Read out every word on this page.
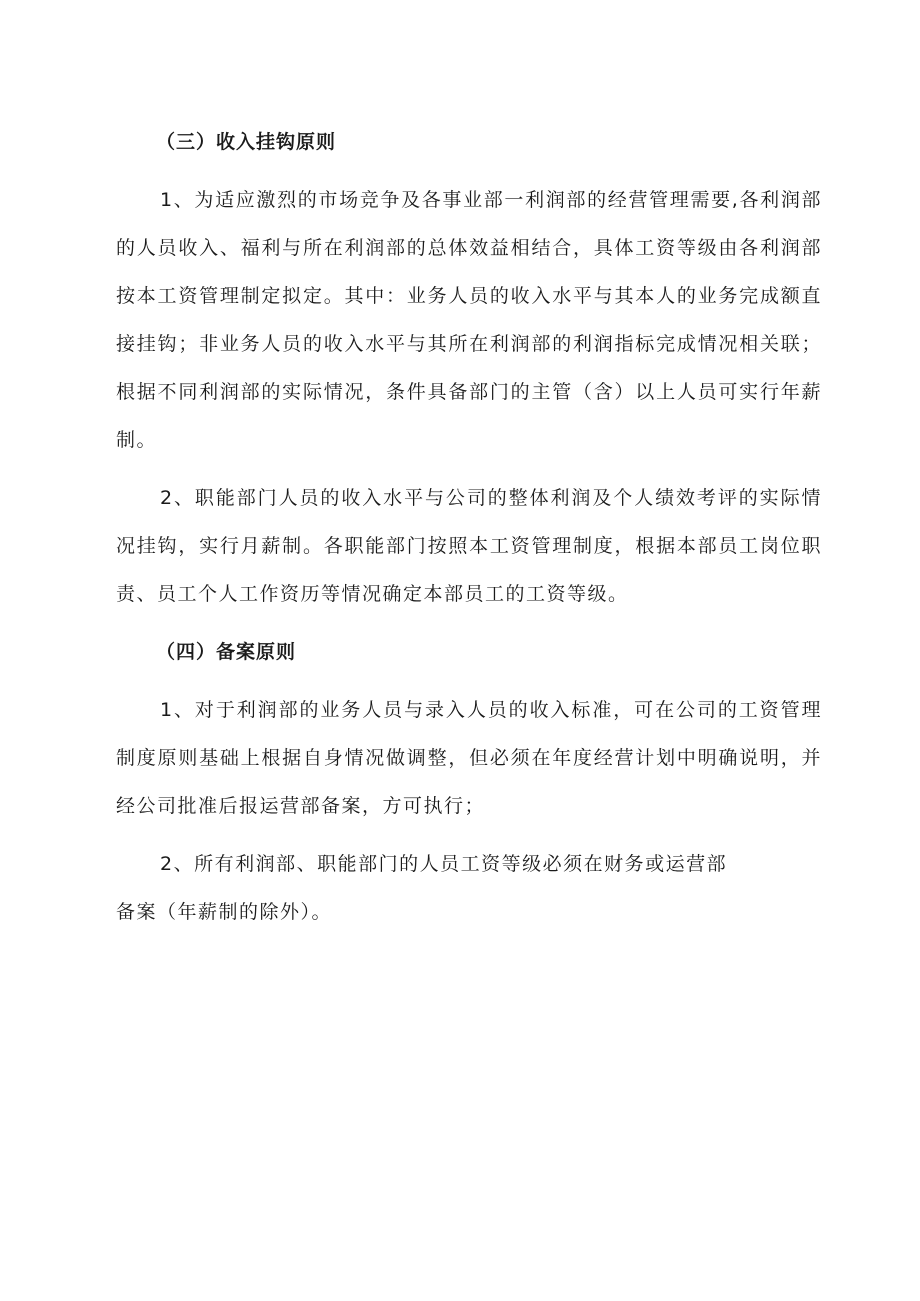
（三）收入挂钩原则

1、为适应激烈的市场竞争及各事业部一利润部的经营管理需要,各利润部的人员收入、福利与所在利润部的总体效益相结合，具体工资等级由各利润部按本工资管理制定拟定。其中：业务人员的收入水平与其本人的业务完成额直接挂钩；非业务人员的收入水平与其所在利润部的利润指标完成情况相关联；根据不同利润部的实际情况，条件具备部门的主管（含）以上人员可实行年薪制。

2、职能部门人员的收入水平与公司的整体利润及个人绩效考评的实际情况挂钩，实行月薪制。各职能部门按照本工资管理制度，根据本部员工岗位职责、员工个人工作资历等情况确定本部员工的工资等级。

（四）备案原则

1、对于利润部的业务人员与录入人员的收入标准，可在公司的工资管理制度原则基础上根据自身情况做调整，但必须在年度经营计划中明确说明，并经公司批准后报运营部备案，方可执行；

2、所有利润部、职能部门的人员工资等级必须在财务或运营部

备案（年薪制的除外）。
